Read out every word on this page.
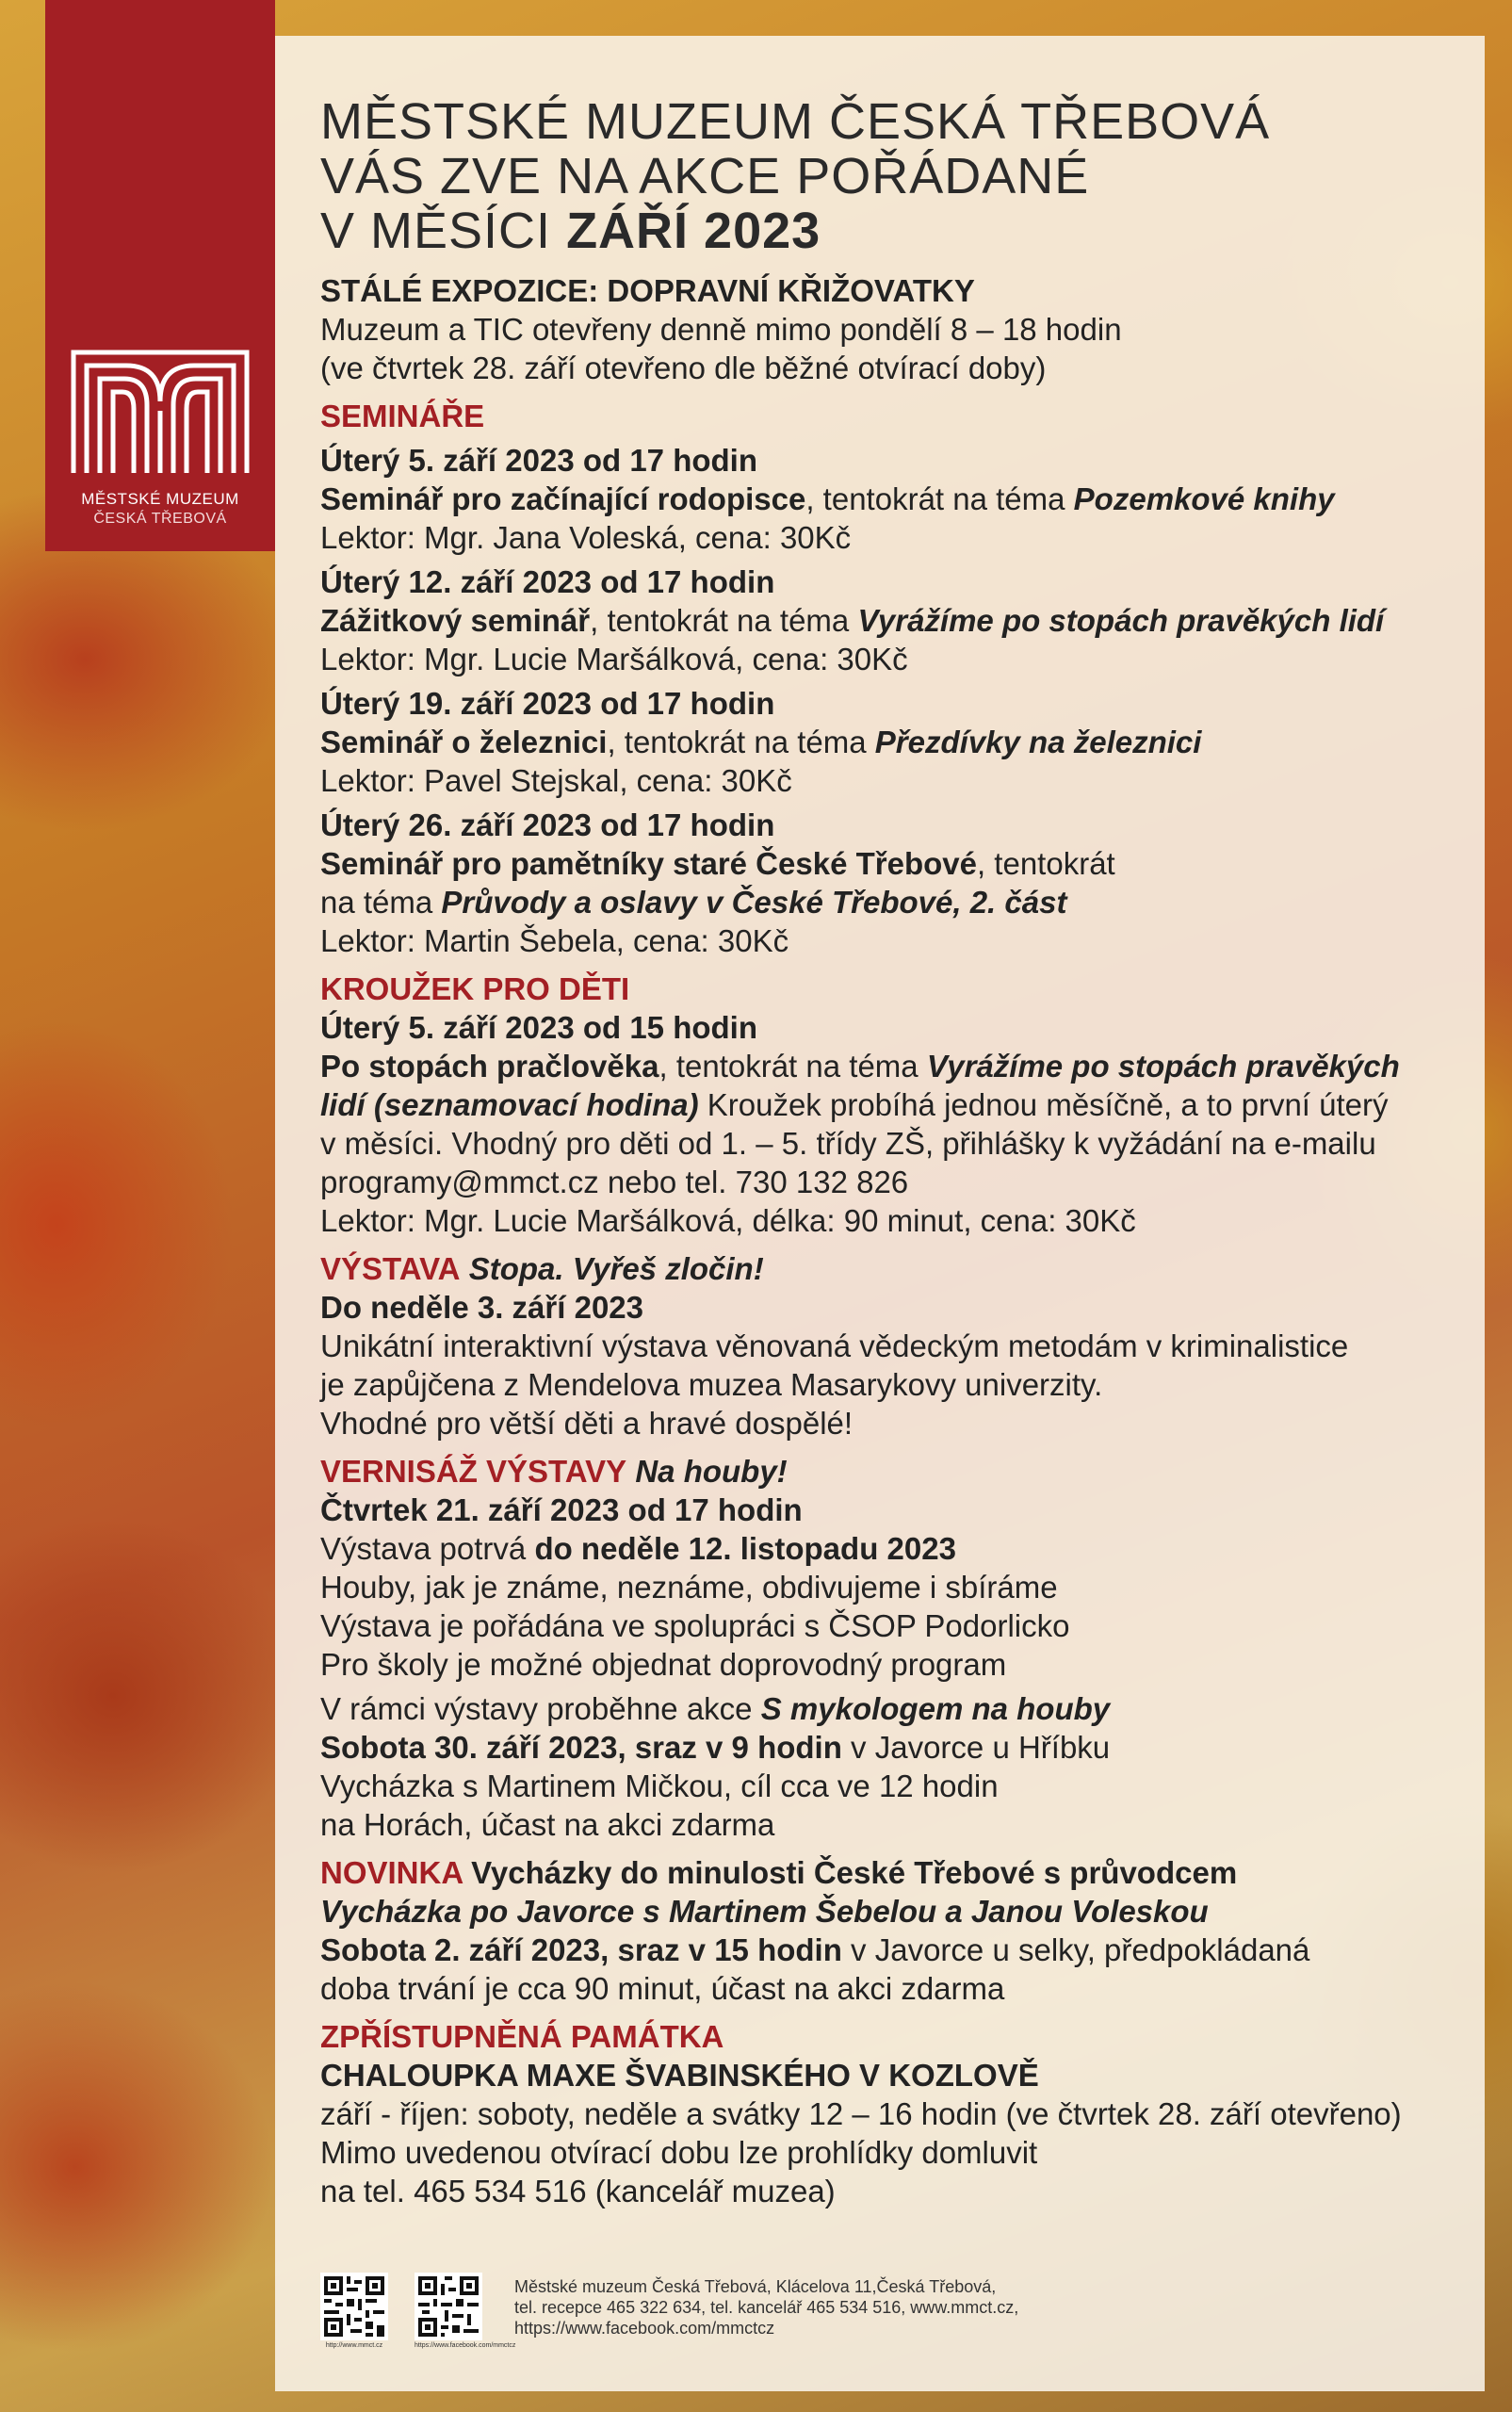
MĚSTSKÉ MUZEUM
ČESKÁ TŘEBOVÁ
MĚSTSKÉ MUZEUM ČESKÁ TŘEBOVÁ
VÁS ZVE NA AKCE POŘÁDANÉ
V MĚSÍCI ZÁŘÍ 2023

STÁLÉ EXPOZICE: DOPRAVNÍ KŘIŽOVATKY

Muzeum a TIC otevřeny denně mimo pondělí 8 – 18 hodin

(ve čtvrtek 28. září otevřeno dle běžné otvírací doby)

SEMINÁŘE

Úterý 5. září 2023 od 17 hodin

Seminář pro začínající rodopisce, tentokrát na téma Pozemkové knihy

Lektor: Mgr. Jana Voleská, cena: 30Kč

Úterý 12. září 2023 od 17 hodin

Zážitkový seminář, tentokrát na téma Vyrážíme po stopách pravěkých lidí

Lektor: Mgr. Lucie Maršálková, cena: 30Kč

Úterý 19. září 2023 od 17 hodin

Seminář o železnici, tentokrát na téma Přezdívky na železnici

Lektor: Pavel Stejskal, cena: 30Kč

Úterý 26. září 2023 od 17 hodin

Seminář pro pamětníky staré České Třebové, tentokrát

na téma Průvody a oslavy v České Třebové, 2. část

Lektor: Martin Šebela, cena: 30Kč

KROUŽEK PRO DĚTI

Úterý 5. září 2023 od 15 hodin

Po stopách pračlověka, tentokrát na téma Vyrážíme po stopách pravěkých

lidí (seznamovací hodina) Kroužek probíhá jednou měsíčně, a to první úterý

v měsíci. Vhodný pro děti od 1. – 5. třídy ZŠ, přihlášky k vyžádání na e-mailu

programy@mmct.cz nebo tel. 730 132 826

Lektor: Mgr. Lucie Maršálková, délka: 90 minut, cena: 30Kč

VÝSTAVA Stopa. Vyřeš zločin!

Do neděle 3. září 2023

Unikátní interaktivní výstava věnovaná vědeckým metodám v kriminalistice

je zapůjčena z Mendelova muzea Masarykovy univerzity.

Vhodné pro větší děti a hravé dospělé!

VERNISÁŽ VÝSTAVY Na houby!

Čtvrtek 21. září 2023 od 17 hodin

Výstava potrvá do neděle 12. listopadu 2023

Houby, jak je známe, neznáme, obdivujeme i sbíráme

Výstava je pořádána ve spolupráci s ČSOP Podorlicko

Pro školy je možné objednat doprovodný program

V rámci výstavy proběhne akce S mykologem na houby

Sobota 30. září 2023, sraz v 9 hodin v Javorce u Hříbku

Vycházka s Martinem Mičkou, cíl cca ve 12 hodin

na Horách, účast na akci zdarma

NOVINKA Vycházky do minulosti České Třebové s průvodcem

Vycházka po Javorce s Martinem Šebelou a Janou Voleskou

Sobota 2. září 2023, sraz v 15 hodin v Javorce u selky, předpokládaná

doba trvání je cca 90 minut, účast na akci zdarma

ZPŘÍSTUPNĚNÁ PAMÁTKA

CHALOUPKA MAXE ŠVABINSKÉHO V KOZLOVĚ

září - říjen: soboty, neděle a svátky 12 – 16 hodin (ve čtvrtek 28. září otevřeno)

Mimo uvedenou otvírací dobu lze prohlídky domluvit

na tel. 465 534 516 (kancelář muzea)

http://www.mmct.cz	https://www.facebook.com/mmctcz
Městské muzeum Česká Třebová, Klácelova 11,Česká Třebová,
tel. recepce 465 322 634, tel. kancelář 465 534 516, www.mmct.cz,
https://www.facebook.com/mmctcz
